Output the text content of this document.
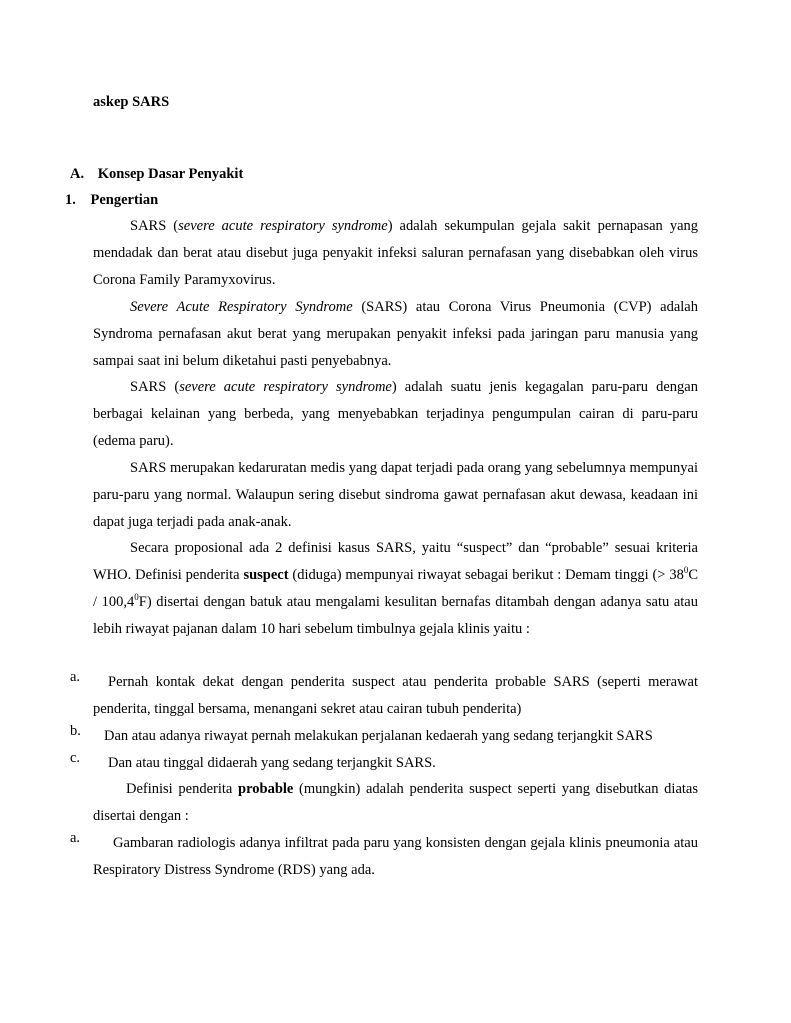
askep SARS
A. Konsep Dasar Penyakit
1. Pengertian

SARS (severe acute respiratory syndrome) adalah sekumpulan gejala sakit pernapasan yang mendadak dan berat atau disebut juga penyakit infeksi saluran pernafasan yang disebabkan oleh virus Corona Family Paramyxovirus.

Severe Acute Respiratory Syndrome (SARS) atau Corona Virus Pneumonia (CVP) adalah Syndroma pernafasan akut berat yang merupakan penyakit infeksi pada jaringan paru manusia yang sampai saat ini belum diketahui pasti penyebabnya.

SARS (severe acute respiratory syndrome) adalah suatu jenis kegagalan paru-paru dengan berbagai kelainan yang berbeda, yang menyebabkan terjadinya pengumpulan cairan di paru-paru (edema paru).

SARS merupakan kedaruratan medis yang dapat terjadi pada orang yang sebelumnya mempunyai paru-paru yang normal. Walaupun sering disebut sindroma gawat pernafasan akut dewasa, keadaan ini dapat juga terjadi pada anak-anak.

Secara proposional ada 2 definisi kasus SARS, yaitu “suspect” dan “probable” sesuai kriteria WHO. Definisi penderita suspect (diduga) mempunyai riwayat sebagai berikut : Demam tinggi (> $38^0C / 100,4^0F$) disertai dengan batuk atau mengalami kesulitan bernafas ditambah dengan adanya satu atau lebih riwayat pajanan dalam 10 hari sebelum timbulnya gejala klinis yaitu :

a.	Pernah kontak dekat dengan penderita suspect atau penderita probable SARS (seperti merawat penderita, tinggal bersama, menangani sekret atau cairan tubuh penderita)

b.	Dan atau adanya riwayat pernah melakukan perjalanan kedaerah yang sedang terjangkit SARS

c.	Dan atau tinggal didaerah yang sedang terjangkit SARS.

Definisi penderita probable (mungkin) adalah penderita suspect seperti yang disebutkan diatas disertai dengan :

a.	Gambaran radiologis adanya infiltrat pada paru yang konsisten dengan gejala klinis pneumonia atau Respiratory Distress Syndrome (RDS) yang ada.
